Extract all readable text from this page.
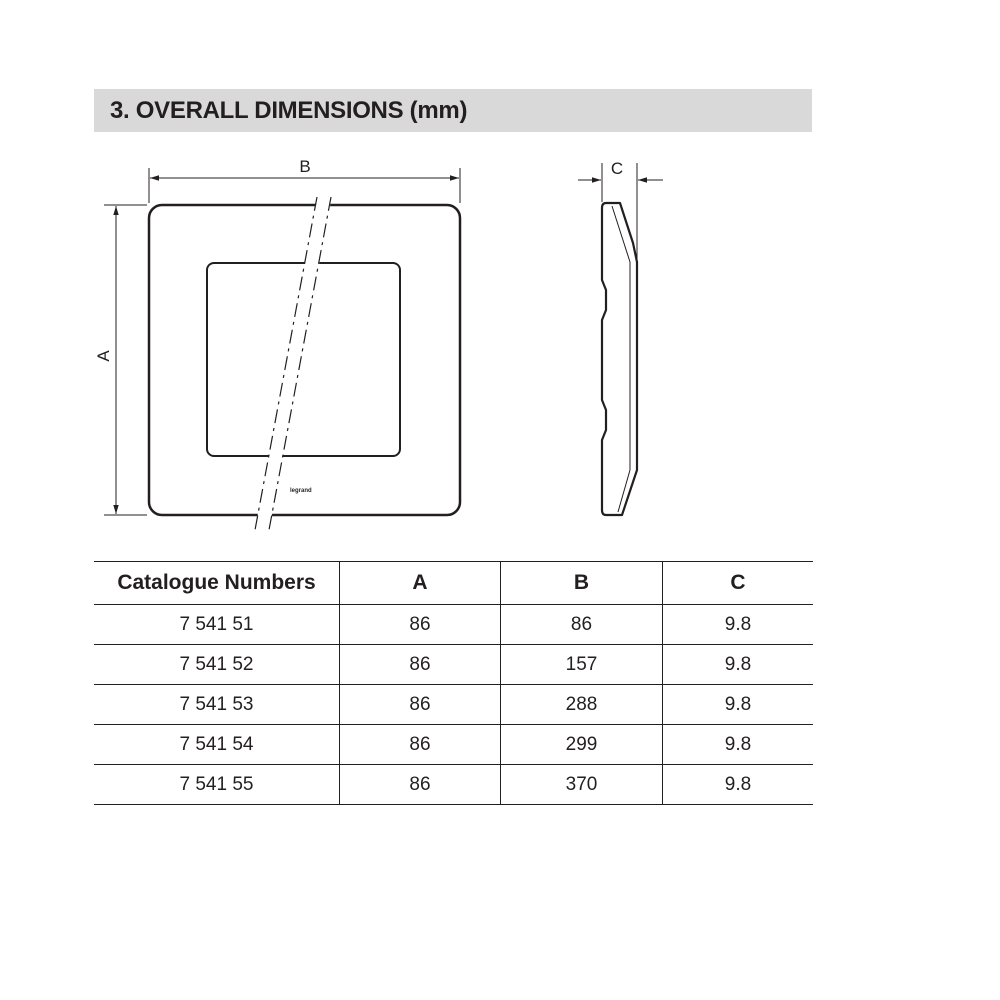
3. OVERALL DIMENSIONS (mm)
legrand
B
A
C
Catalogue Numbers	A	B	C
7 541 51	86	86	9.8
7 541 52	86	157	9.8
7 541 53	86	288	9.8
7 541 54	86	299	9.8
7 541 55	86	370	9.8
